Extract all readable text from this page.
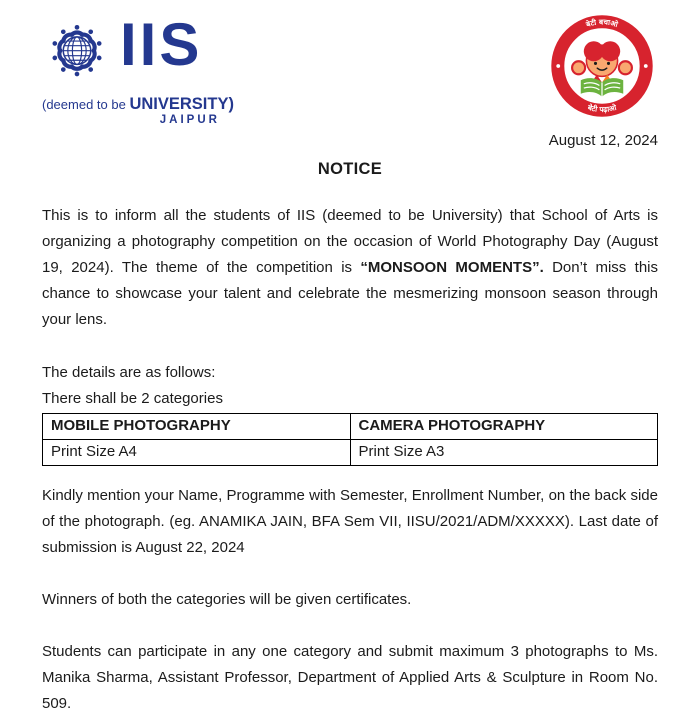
IIS
(deemed to be UNIVERSITY)
JAIPUR
बेटी बचाओ
बेटी पढ़ाओ
August 12, 2024
NOTICE

This is to inform all the students of IIS (deemed to be University) that School of Arts is organizing a photography competition on the occasion of World Photography Day (August 19, 2024). The theme of the competition is “MONSOON MOMENTS”. Don’t miss this chance to showcase your talent and celebrate the mesmerizing monsoon season through your lens.

The details are as follows:
There shall be 2 categories
MOBILE PHOTOGRAPHY	CAMERA PHOTOGRAPHY
Print Size A4	Print Size A3

Kindly mention your Name, Programme with Semester, Enrollment Number, on the back side of the photograph. (eg. ANAMIKA JAIN, BFA Sem VII, IISU/2021/ADM/XXXXX). Last date of submission is August 22, 2024

Winners of both the categories will be given certificates.

Students can participate in any one category and submit maximum 3 photographs to Ms. Manika Sharma, Assistant Professor, Department of Applied Arts & Sculpture in Room No. 509.
